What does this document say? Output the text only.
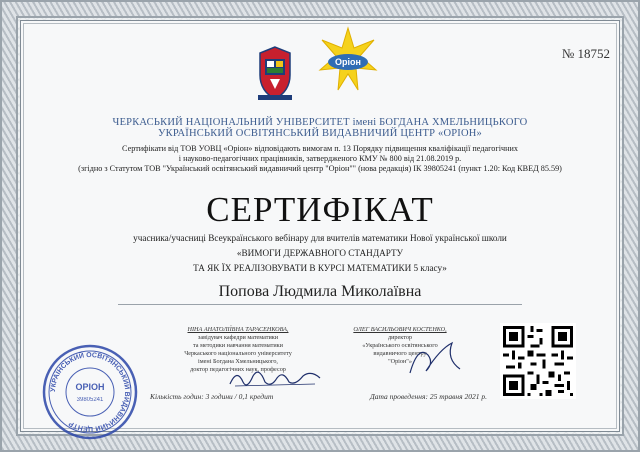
№ 18752
Оріон
ЧЕРКАСЬКИЙ НАЦІОНАЛЬНИЙ УНІВЕРСИТЕТ імені БОГДАНА ХМЕЛЬНИЦЬКОГО
УКРАЇНСЬКИЙ ОСВІТЯНСЬКИЙ ВИДАВНИЧИЙ ЦЕНТР «ОРІОН»
Сертифікати від ТОВ УОВЦ «Оріон» відповідають вимогам п. 13 Порядку підвищення кваліфікації педагогічних
і науково-педагогічних працівників, затвердженого КМУ № 800 від 21.08.2019 р.
(згідно з Статутом ТОВ "Український освітянський видавничий центр "Оріон"" (нова редакція) ІК 39805241 (пункт 1.20: Код КВЕД 85.59)
СЕРТИФІКАТ
учасника/учасниці Всеукраїнського вебінару для вчителів математики Нової української школи
«ВИМОГИ ДЕРЖАВНОГО СТАНДАРТУ
ТА ЯК ЇХ РЕАЛІЗОВУВАТИ В КУРСІ МАТЕМАТИКИ 5 класу»
Попова Людмила Миколаївна
НІНА АНАТОЛІЇВНА ТАРАСЕНКОВА,
завідувач кафедри математики
та методики навчання математики
Черкаського національного університету
імені Богдана Хмельницького,
доктор педагогічних наук, професор
ОЛЕГ ВАСИЛЬОВИЧ КОСТЕНКО,
директор
«Українського освітянського
видавничого центру
"Оріон"»
Кількість годин: 3 години / 0,1 кредит	Дата проведення: 25 травня 2021 р.
УКРАЇНСЬКИЙ ОСВІТЯНСЬКИЙ ВИДАВНИЧИЙ ЦЕНТР
ОРІОН
39805241
